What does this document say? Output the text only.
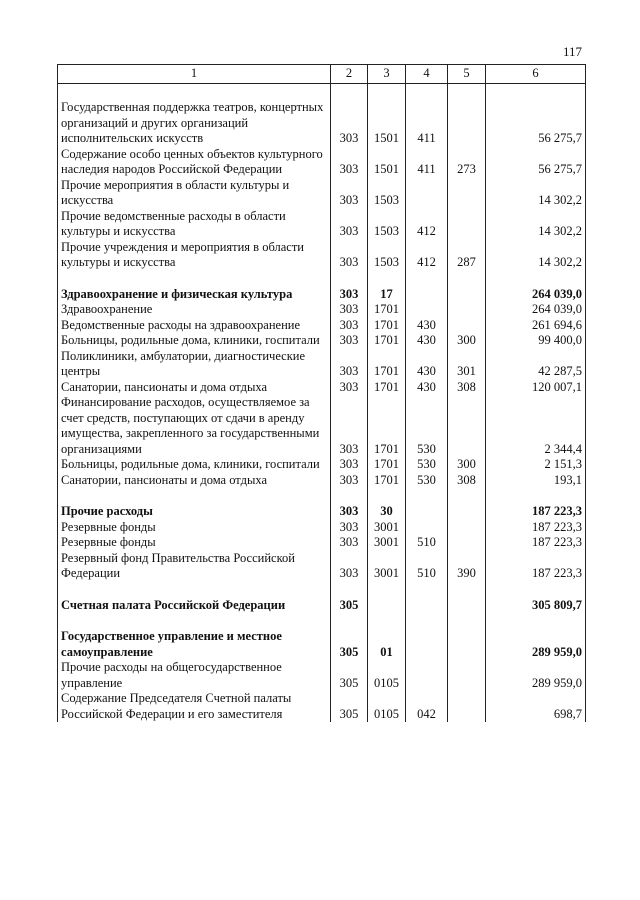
117
1	2	3	4	5	6

Государственная поддержка театров, концертных организаций и других организаций исполнительских искусств	303	1501	411		56 275,7
Содержание особо ценных объектов культурного наследия народов Российской Федерации	303	1501	411	273	56 275,7
Прочие мероприятия в области культуры и искусства	303	1503			14 302,2
Прочие ведомственные расходы в области культуры и искусства	303	1503	412		14 302,2
Прочие учреждения и мероприятия в области культуры и искусства	303	1503	412	287	14 302,2

Здравоохранение и физическая культура	303	17			264 039,0
Здравоохранение	303	1701			264 039,0
Ведомственные расходы на здравоохранение	303	1701	430		261 694,6
Больницы, родильные дома, клиники, госпитали	303	1701	430	300	99 400,0
Поликлиники, амбулатории, диагностические центры	303	1701	430	301	42 287,5
Санатории, пансионаты и дома отдыха	303	1701	430	308	120 007,1
Финансирование расходов, осуществляемое за счет средств, поступающих от сдачи в аренду имущества, закрепленного за государственными организациями	303	1701	530		2 344,4
Больницы, родильные дома, клиники, госпитали	303	1701	530	300	2 151,3
Санатории, пансионаты и дома отдыха	303	1701	530	308	193,1

Прочие расходы	303	30			187 223,3
Резервные фонды	303	3001			187 223,3
Резервные фонды	303	3001	510		187 223,3
Резервный фонд Правительства Российской Федерации	303	3001	510	390	187 223,3

Счетная палата Российской Федерации	305				305 809,7

Государственное управление и местное самоуправление	305	01			289 959,0
Прочие расходы на общегосударственное управление	305	0105			289 959,0
Содержание Председателя Счетной палаты Российской Федерации и его заместителя	305	0105	042		698,7
